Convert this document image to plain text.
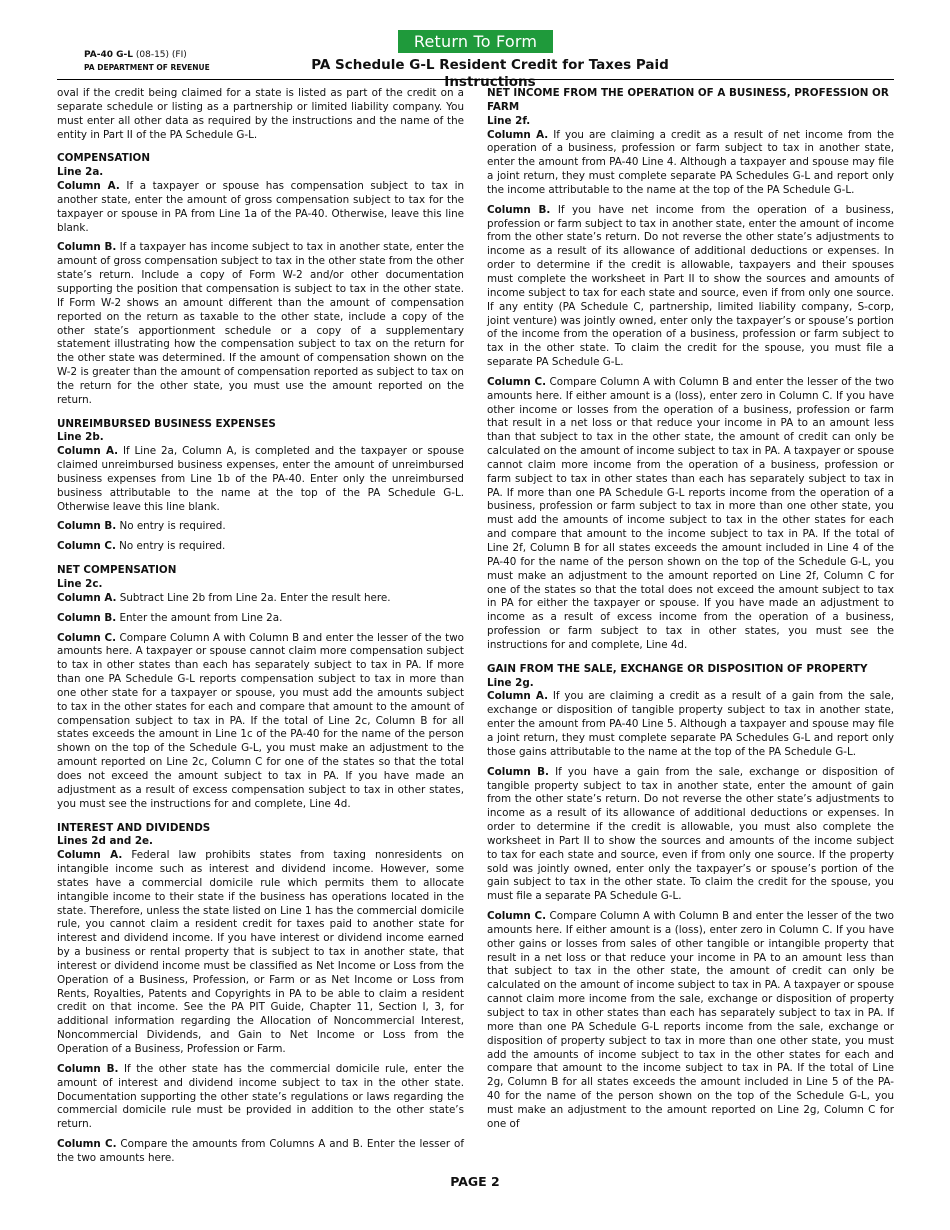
Return To Form
PA-40 G-L (08-15) (FI)
PA DEPARTMENT OF REVENUE	PA Schedule G-L Resident Credit for Taxes Paid Instructions

oval if the credit being claimed for a state is listed as part of the credit on a separate schedule or listing as a partnership or limited liability company. You must enter all other data as required by the instructions and the name of the entity in Part II of the PA Schedule G-L.

COMPENSATION
Line 2a.

Column A. If a taxpayer or spouse has compensation subject to tax in another state, enter the amount of gross compensation subject to tax for the taxpayer or spouse in PA from Line 1a of the PA-40. Otherwise, leave this line blank.

Column B. If a taxpayer has income subject to tax in another state, enter the amount of gross compensation subject to tax in the other state from the other state’s return. Include a copy of Form W-2 and/or other documentation supporting the position that compensation is subject to tax in the other state. If Form W-2 shows an amount different than the amount of compensation reported on the return as taxable to the other state, include a copy of the other state’s apportionment schedule or a copy of a supplementary statement illustrating how the compensation subject to tax on the return for the other state was determined. If the amount of compensation shown on the W-2 is greater than the amount of compensation reported as subject to tax on the return for the other state, you must use the amount reported on the return.

UNREIMBURSED BUSINESS EXPENSES
Line 2b.

Column A. If Line 2a, Column A, is completed and the taxpayer or spouse claimed unreimbursed business expenses, enter the amount of unreimbursed business expenses from Line 1b of the PA-40. Enter only the unreimbursed business attributable to the name at the top of the PA Schedule G-L. Otherwise leave this line blank.

Column B. No entry is required.

Column C. No entry is required.

NET COMPENSATION
Line 2c.

Column A. Subtract Line 2b from Line 2a. Enter the result here.

Column B. Enter the amount from Line 2a.

Column C. Compare Column A with Column B and enter the lesser of the two amounts here. A taxpayer or spouse cannot claim more compensation subject to tax in other states than each has separately subject to tax in PA. If more than one PA Schedule G-L reports compensation subject to tax in more than one other state for a taxpayer or spouse, you must add the amounts subject to tax in the other states for each and compare that amount to the amount of compensation subject to tax in PA. If the total of Line 2c, Column B for all states exceeds the amount in Line 1c of the PA-40 for the name of the person shown on the top of the Schedule G-L, you must make an adjustment to the amount reported on Line 2c, Column C for one of the states so that the total does not exceed the amount subject to tax in PA. If you have made an adjustment as a result of excess compensation subject to tax in other states, you must see the instructions for and complete, Line 4d.

INTEREST AND DIVIDENDS
Lines 2d and 2e.

Column A. Federal law prohibits states from taxing nonresidents on intangible income such as interest and dividend income. However, some states have a commercial domicile rule which permits them to allocate intangible income to their state if the business has operations located in the state. Therefore, unless the state listed on Line 1 has the commercial domicile rule, you cannot claim a resident credit for taxes paid to another state for interest and dividend income. If you have interest or dividend income earned by a business or rental property that is subject to tax in another state, that interest or dividend income must be classified as Net Income or Loss from the Operation of a Business, Profession, or Farm or as Net Income or Loss from Rents, Royalties, Patents and Copyrights in PA to be able to claim a resident credit on that income. See the PA PIT Guide, Chapter 11, Section I, 3, for additional information regarding the Allocation of Noncommercial Interest, Noncommercial Dividends, and Gain to Net Income or Loss from the Operation of a Business, Profession or Farm.

Column B. If the other state has the commercial domicile rule, enter the amount of interest and dividend income subject to tax in the other state. Documentation supporting the other state’s regulations or laws regarding the commercial domicile rule must be provided in addition to the other state’s return.

Column C. Compare the amounts from Columns A and B. Enter the lesser of the two amounts here.

NET INCOME FROM THE OPERATION OF A BUSINESS, PROFESSION OR FARM
Line 2f.

Column A. If you are claiming a credit as a result of net income from the operation of a business, profession or farm subject to tax in another state, enter the amount from PA-40 Line 4. Although a taxpayer and spouse may file a joint return, they must complete separate PA Schedules G-L and report only the income attributable to the name at the top of the PA Schedule G-L.

Column B. If you have net income from the operation of a business, profession or farm subject to tax in another state, enter the amount of income from the other state’s return. Do not reverse the other state’s adjustments to income as a result of its allowance of additional deductions or expenses. In order to determine if the credit is allowable, taxpayers and their spouses must complete the worksheet in Part II to show the sources and amounts of income subject to tax for each state and source, even if from only one source. If any entity (PA Schedule C, partnership, limited liability company, S-corp, joint venture) was jointly owned, enter only the taxpayer’s or spouse’s portion of the income from the operation of a business, profession or farm subject to tax in the other state. To claim the credit for the spouse, you must file a separate PA Schedule G-L.

Column C. Compare Column A with Column B and enter the lesser of the two amounts here. If either amount is a (loss), enter zero in Column C. If you have other income or losses from the operation of a business, profession or farm that result in a net loss or that reduce your income in PA to an amount less than that subject to tax in the other state, the amount of credit can only be calculated on the amount of income subject to tax in PA. A taxpayer or spouse cannot claim more income from the operation of a business, profession or farm subject to tax in other states than each has separately subject to tax in PA. If more than one PA Schedule G-L reports income from the operation of a business, profession or farm subject to tax in more than one other state, you must add the amounts of income subject to tax in the other states for each and compare that amount to the income subject to tax in PA. If the total of Line 2f, Column B for all states exceeds the amount included in Line 4 of the PA-40 for the name of the person shown on the top of the Schedule G-L, you must make an adjustment to the amount reported on Line 2f, Column C for one of the states so that the total does not exceed the amount subject to tax in PA for either the taxpayer or spouse. If you have made an adjustment to income as a result of excess income from the operation of a business, profession or farm subject to tax in other states, you must see the instructions for and complete, Line 4d.

GAIN FROM THE SALE, EXCHANGE OR DISPOSITION OF PROPERTY
Line 2g.

Column A. If you are claiming a credit as a result of a gain from the sale, exchange or disposition of tangible property subject to tax in another state, enter the amount from PA-40 Line 5. Although a taxpayer and spouse may file a joint return, they must complete separate PA Schedules G-L and report only those gains attributable to the name at the top of the PA Schedule G-L.

Column B. If you have a gain from the sale, exchange or disposition of tangible property subject to tax in another state, enter the amount of gain from the other state’s return. Do not reverse the other state’s adjustments to income as a result of its allowance of additional deductions or expenses. In order to determine if the credit is allowable, you must also complete the worksheet in Part II to show the sources and amounts of the income subject to tax for each state and source, even if from only one source. If the property sold was jointly owned, enter only the taxpayer’s or spouse’s portion of the gain subject to tax in the other state. To claim the credit for the spouse, you must file a separate PA Schedule G-L.

Column C. Compare Column A with Column B and enter the lesser of the two amounts here. If either amount is a (loss), enter zero in Column C. If you have other gains or losses from sales of other tangible or intangible property that result in a net loss or that reduce your income in PA to an amount less than that subject to tax in the other state, the amount of credit can only be calculated on the amount of income subject to tax in PA. A taxpayer or spouse cannot claim more income from the sale, exchange or disposition of property subject to tax in other states than each has separately subject to tax in PA. If more than one PA Schedule G-L reports income from the sale, exchange or disposition of property subject to tax in more than one other state, you must add the amounts of income subject to tax in the other states for each and compare that amount to the income subject to tax in PA. If the total of Line 2g, Column B for all states exceeds the amount included in Line 5 of the PA-40 for the name of the person shown on the top of the Schedule G-L, you must make an adjustment to the amount reported on Line 2g, Column C for one of

PAGE 2
